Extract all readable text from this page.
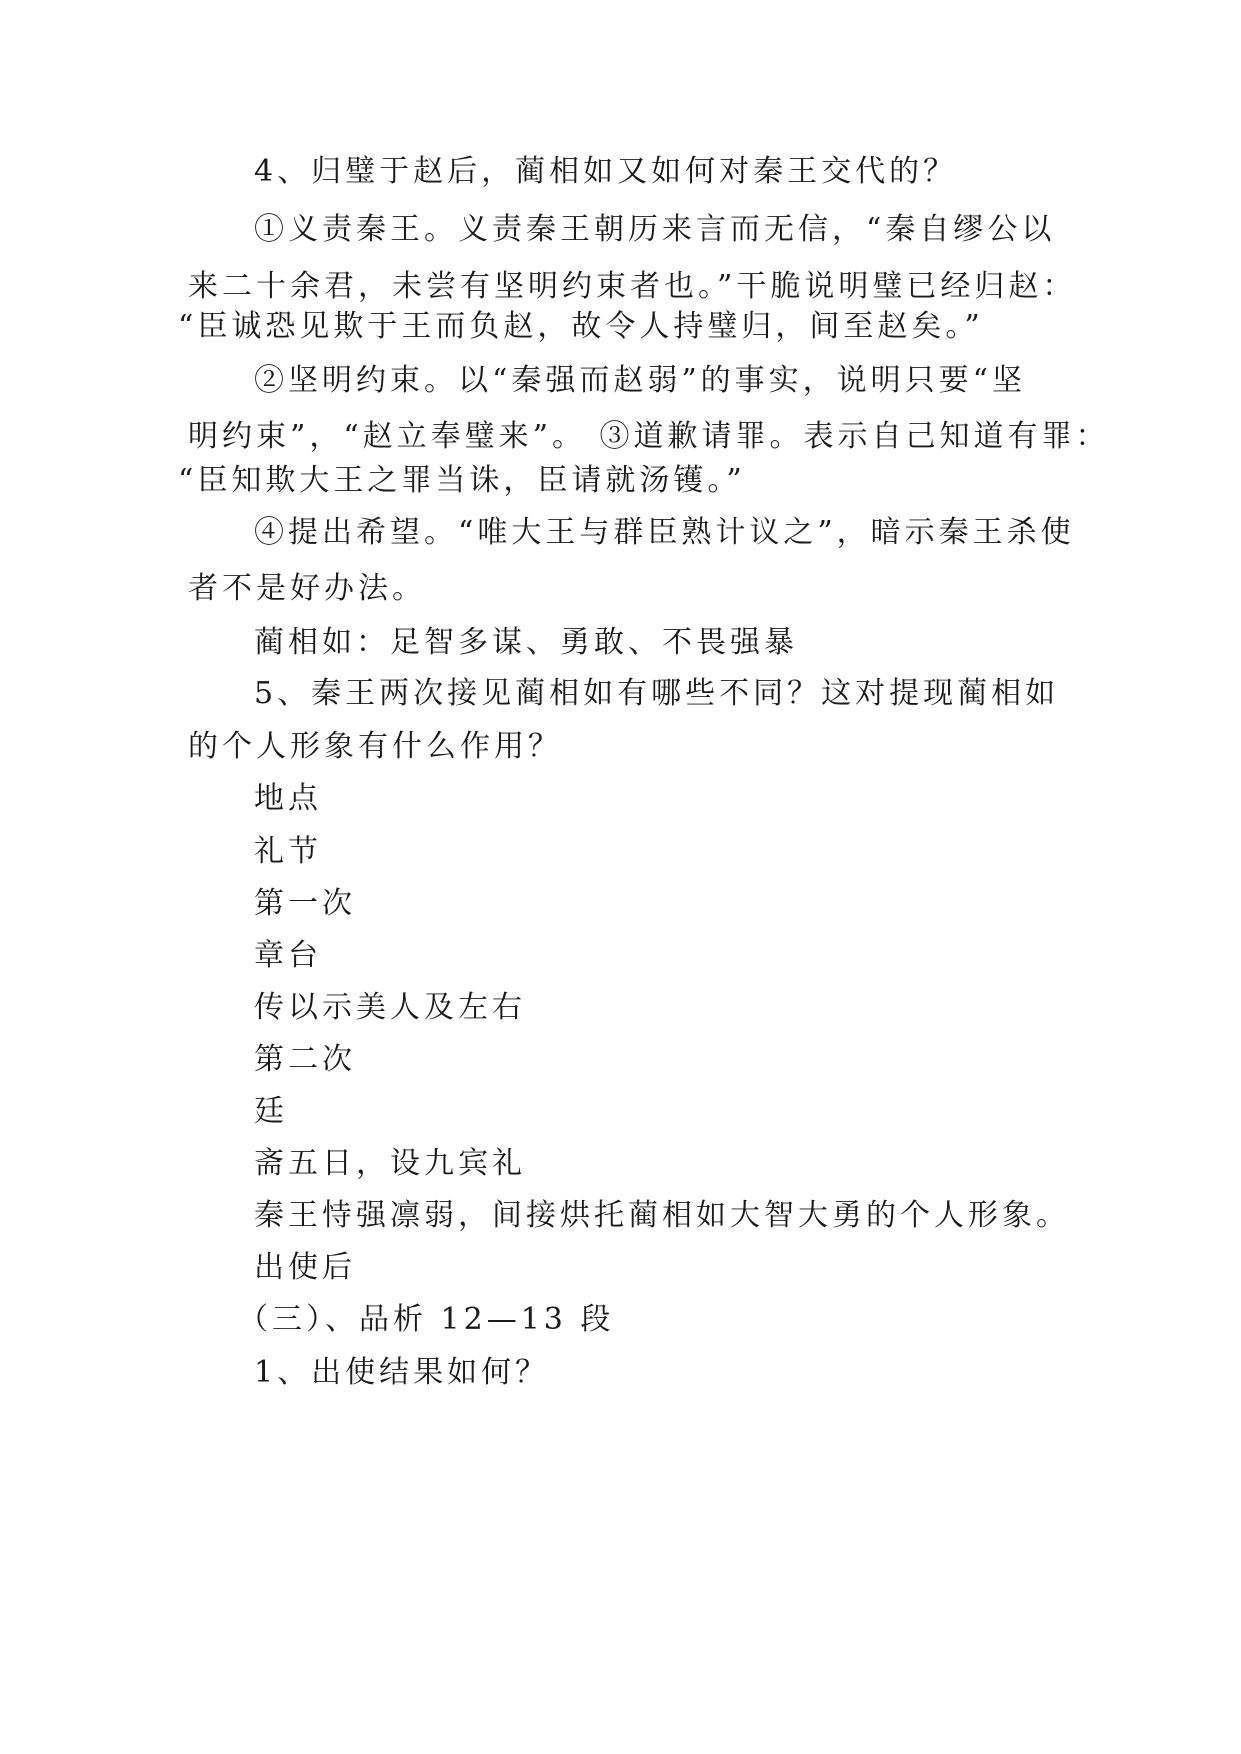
4、归璧于赵后，蔺相如又如何对秦王交代的？
①义责秦王。义责秦王朝历来言而无信，“秦自缪公以
来二十余君，未尝有坚明约束者也。”干脆说明璧已经归赵：
“臣诚恐见欺于王而负赵，故令人持璧归，间至赵矣。”
②坚明约束。以“秦强而赵弱”的事实，说明只要“坚
明约束”，“赵立奉璧来”。 ③道歉请罪。表示自己知道有罪：
“臣知欺大王之罪当诛，臣请就汤镬。”
④提出希望。“唯大王与群臣熟计议之”，暗示秦王杀使
者不是好办法。
蔺相如：足智多谋、勇敢、不畏强暴
5、秦王两次接见蔺相如有哪些不同？这对提现蔺相如
的个人形象有什么作用？
地点
礼节
第一次
章台
传以示美人及左右
第二次
廷
斋五日，设九宾礼
秦王恃强凛弱，间接烘托蔺相如大智大勇的个人形象。
出使后
（三）、品析 12—13 段
1、出使结果如何？
